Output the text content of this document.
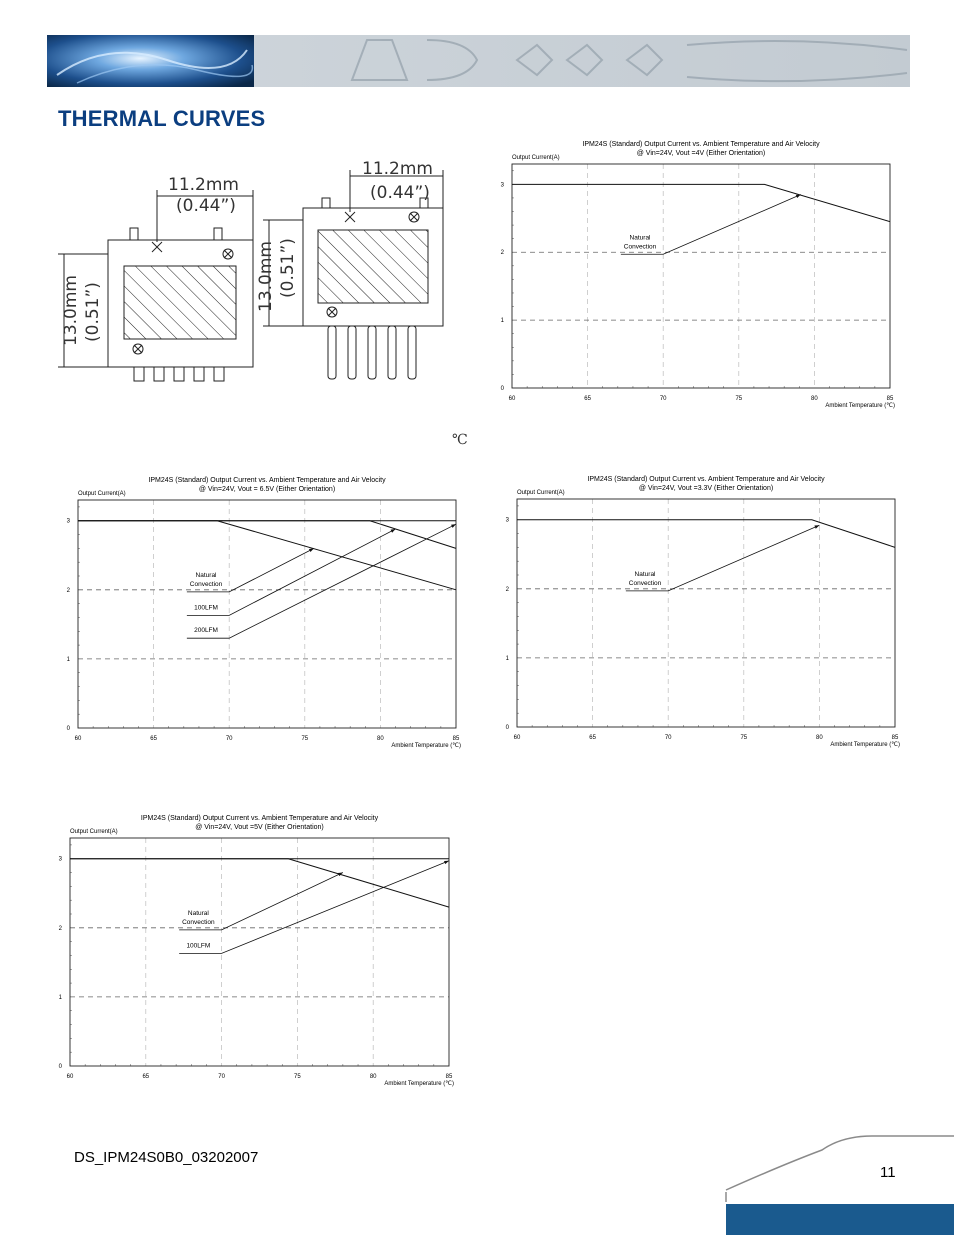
THERMAL CURVES
11.2mm
(0.44”)
13.0mm (0.51”)
11.2mm
(0.44”)
13.0mm (0.51”)
℃
IPM24S (Standard) Output Current vs. Ambient Temperature and Air Velocity
@ Vin=24V, Vout =4V (Either Orientation)
Output Current(A)
Ambient Temperature (℃)
60	65	70	75	80	85
0
1
2
3
Natural
Convection
IPM24S (Standard) Output Current vs. Ambient Temperature and Air Velocity
@ Vin=24V, Vout = 6.5V (Either Orientation)
Output Current(A)
Ambient Temperature (℃)
60	65	70	75	80	85
0
1
2
3
Natural
Convection
100LFM
200LFM
IPM24S (Standard) Output Current vs. Ambient Temperature and Air Velocity
@ Vin=24V, Vout =3.3V (Either Orientation)
Output Current(A)
Ambient Temperature (℃)
60	65	70	75	80	85
0
1
2
3
Natural
Convection
IPM24S (Standard) Output Current vs. Ambient Temperature and Air Velocity
@ Vin=24V, Vout =5V (Either Orientation)
Output Current(A)
Ambient Temperature (℃)
60	65	70	75	80	85
0
1
2
3
Natural
Convection
100LFM
DS_IPM24S0B0_03202007
11
